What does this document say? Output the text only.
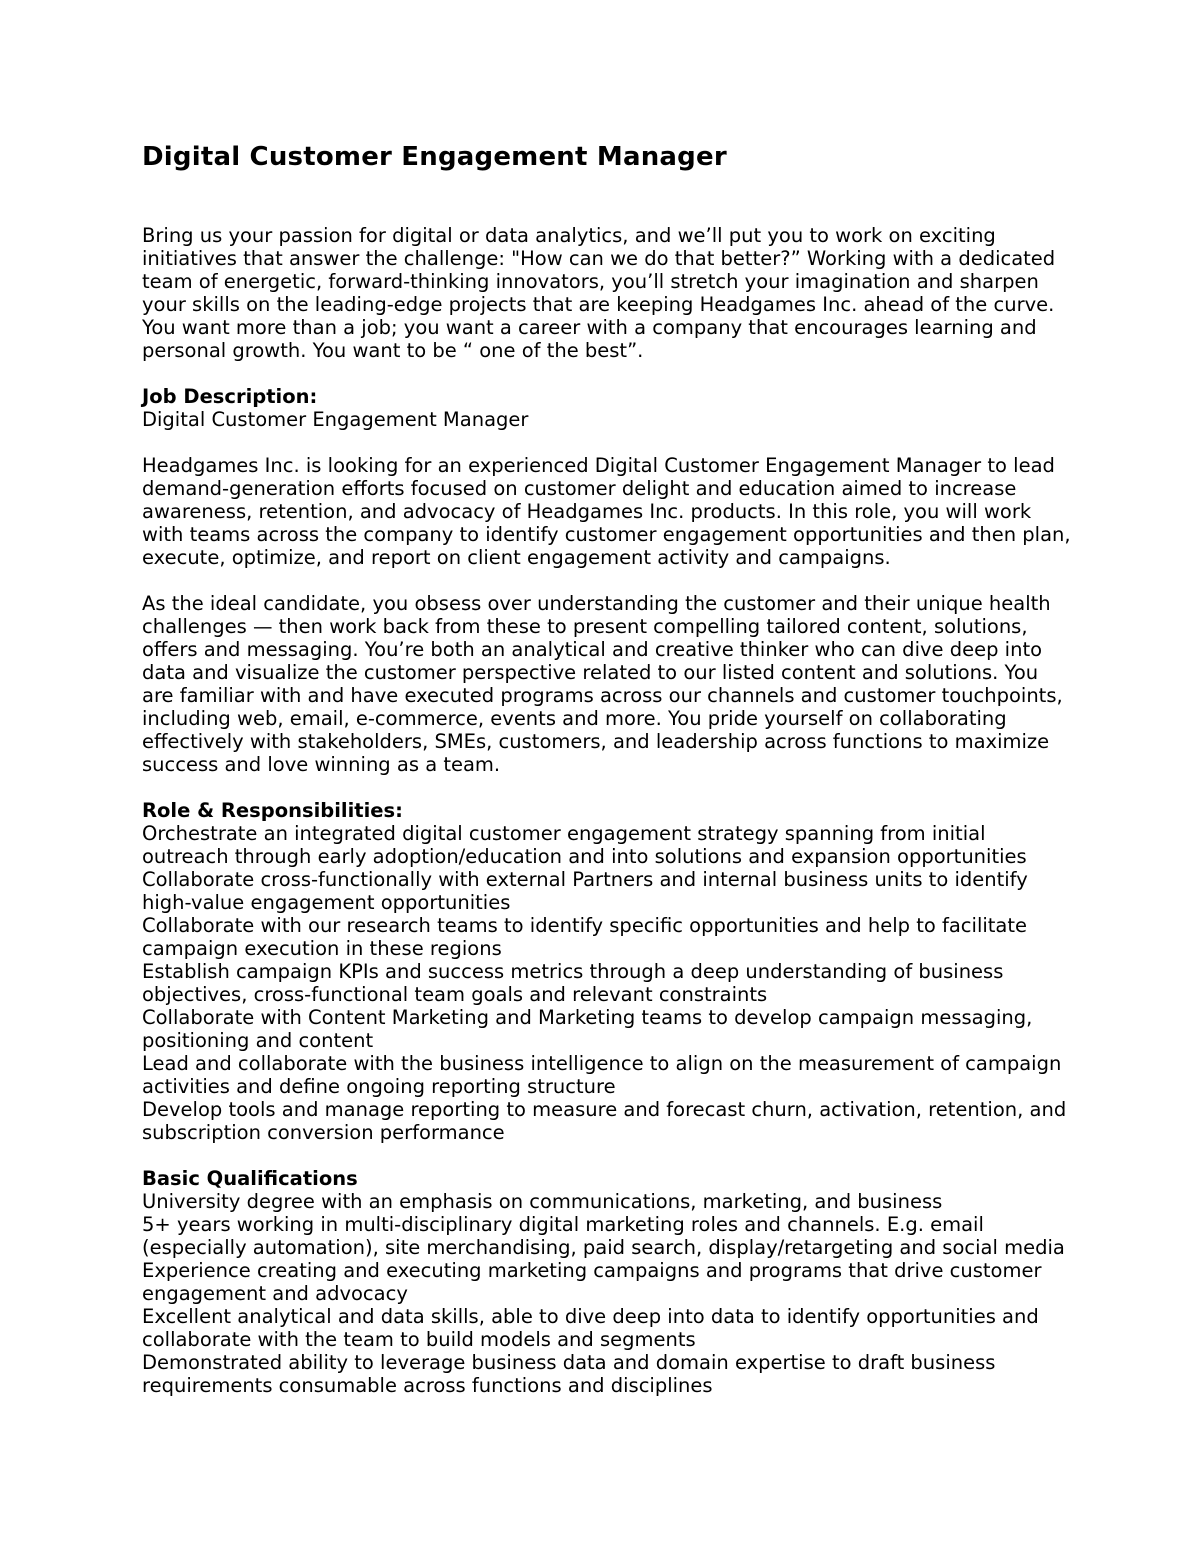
Digital Customer Engagement Manager

Bring us your passion for digital or data analytics, and we’ll put you to work on exciting initiatives that answer the challenge: "How can we do that better?” Working with a dedicated team of energetic, forward-thinking innovators, you’ll stretch your imagination and sharpen your skills on the leading-edge projects that are keeping Headgames Inc. ahead of the curve. You want more than a job; you want a career with a company that encourages learning and personal growth. You want to be “ one of the best”.

Job Description:

Digital Customer Engagement Manager

Headgames Inc. is looking for an experienced Digital Customer Engagement Manager to lead demand-generation efforts focused on customer delight and education aimed to increase awareness, retention, and advocacy of Headgames Inc. products. In this role, you will work with teams across the company to identify customer engagement opportunities and then plan, execute, optimize, and report on client engagement activity and campaigns.

As the ideal candidate, you obsess over understanding the customer and their unique health challenges — then work back from these to present compelling tailored content, solutions, offers and messaging. You’re both an analytical and creative thinker who can dive deep into data and visualize the customer perspective related to our listed content and solutions. You are familiar with and have executed programs across our channels and customer touchpoints, including web, email, e-commerce, events and more. You pride yourself on collaborating effectively with stakeholders, SMEs, customers, and leadership across functions to maximize success and love winning as a team.

Role & Responsibilities:

Orchestrate an integrated digital customer engagement strategy spanning from initial outreach through early adoption/education and into solutions and expansion opportunities

Collaborate cross-functionally with external Partners and internal business units to identify high-value engagement opportunities

Collaborate with our research teams to identify specific opportunities and help to facilitate campaign execution in these regions

Establish campaign KPIs and success metrics through a deep understanding of business objectives, cross-functional team goals and relevant constraints

Collaborate with Content Marketing and Marketing teams to develop campaign messaging, positioning and content

Lead and collaborate with the business intelligence to align on the measurement of campaign activities and define ongoing reporting structure

Develop tools and manage reporting to measure and forecast churn, activation, retention, and subscription conversion performance

Basic Qualifications

University degree with an emphasis on communications, marketing, and business

5+ years working in multi-disciplinary digital marketing roles and channels. E.g. email (especially automation), site merchandising, paid search, display/retargeting and social media

Experience creating and executing marketing campaigns and programs that drive customer engagement and advocacy

Excellent analytical and data skills, able to dive deep into data to identify opportunities and collaborate with the team to build models and segments

Demonstrated ability to leverage business data and domain expertise to draft business requirements consumable across functions and disciplines
